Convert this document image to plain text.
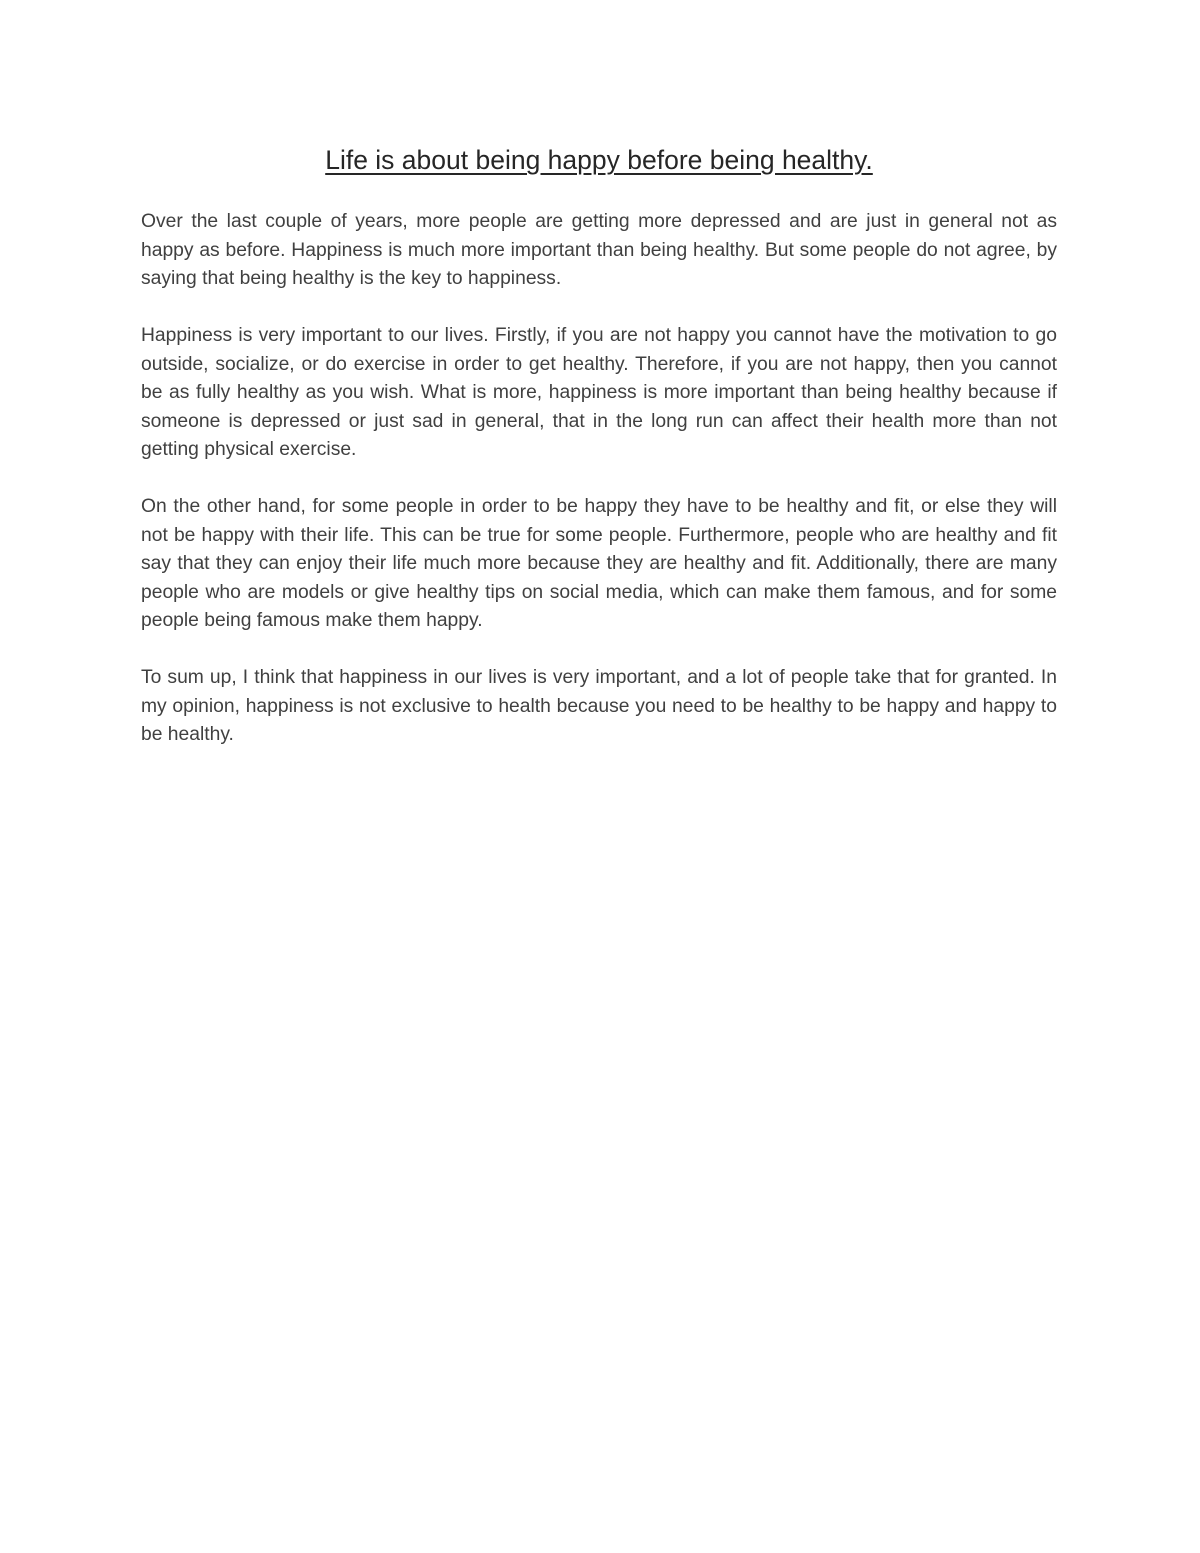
Life is about being happy before being healthy.

Over the last couple of years, more people are getting more depressed and are just in general not as happy as before. Happiness is much more important than being healthy. But some people do not agree, by saying that being healthy is the key to happiness.

Happiness is very important to our lives. Firstly, if you are not happy you cannot have the motivation to go outside, socialize, or do exercise in order to get healthy. Therefore, if you are not happy, then you cannot be as fully healthy as you wish. What is more, happiness is more important than being healthy because if someone is depressed or just sad in general, that in the long run can affect their health more than not getting physical exercise.

On the other hand, for some people in order to be happy they have to be healthy and fit, or else they will not be happy with their life. This can be true for some people. Furthermore, people who are healthy and fit say that they can enjoy their life much more because they are healthy and fit. Additionally, there are many people who are models or give healthy tips on social media, which can make them famous, and for some people being famous make them happy.

To sum up, I think that happiness in our lives is very important, and a lot of people take that for granted. In my opinion, happiness is not exclusive to health because you need to be healthy to be happy and happy to be healthy.
